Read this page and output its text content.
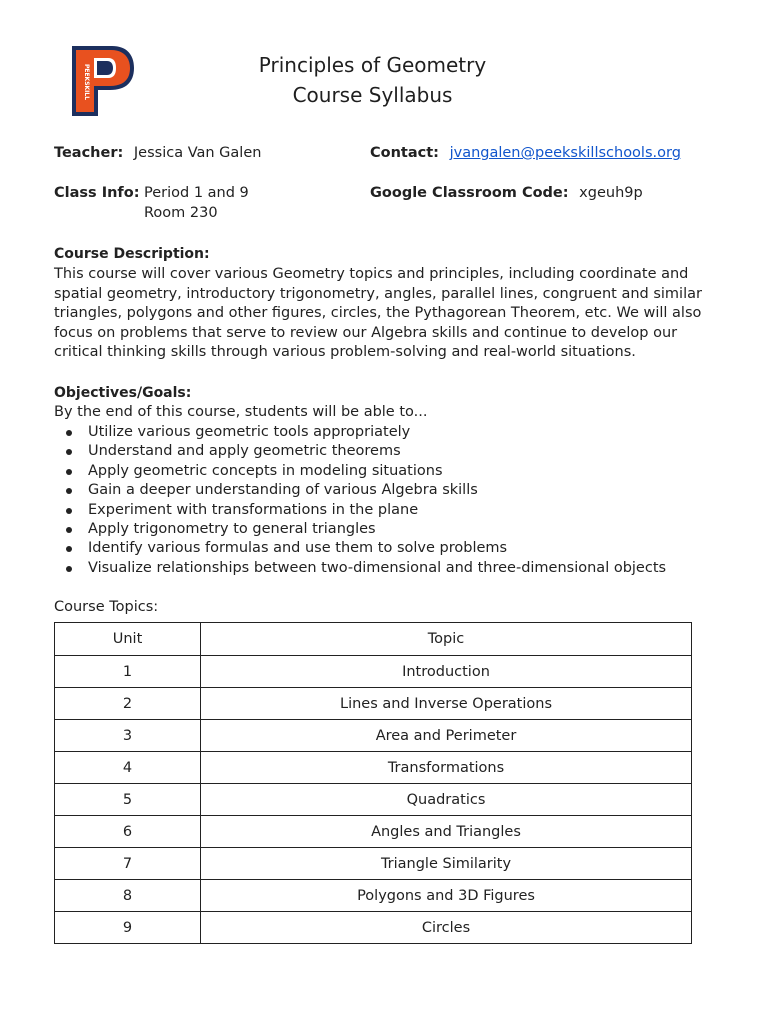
PEEKSKILL	Principles of Geometry
Course Syllabus
Teacher: Jessica Van Galen	Contact: jvangalen@peekskillschools.org
Class Info: Period 1 and 9
Room 230
Google Classroom Code: xgeuh9p
Course Description:
This course will cover various Geometry topics and principles, including coordinate and
spatial geometry, introductory trigonometry, angles, parallel lines, congruent and similar
triangles, polygons and other figures, circles, the Pythagorean Theorem, etc. We will also
focus on problems that serve to review our Algebra skills and continue to develop our
critical thinking skills through various problem-solving and real-world situations.
Objectives/Goals:
By the end of this course, students will be able to...
Utilize various geometric tools appropriately
Understand and apply geometric theorems
Apply geometric concepts in modeling situations
Gain a deeper understanding of various Algebra skills
Experiment with transformations in the plane
Apply trigonometry to general triangles
Identify various formulas and use them to solve problems
Visualize relationships between two-dimensional and three-dimensional objects
Course Topics:
Unit	Topic
1	Introduction
2	Lines and Inverse Operations
3	Area and Perimeter
4	Transformations
5	Quadratics
6	Angles and Triangles
7	Triangle Similarity
8	Polygons and 3D Figures
9	Circles
